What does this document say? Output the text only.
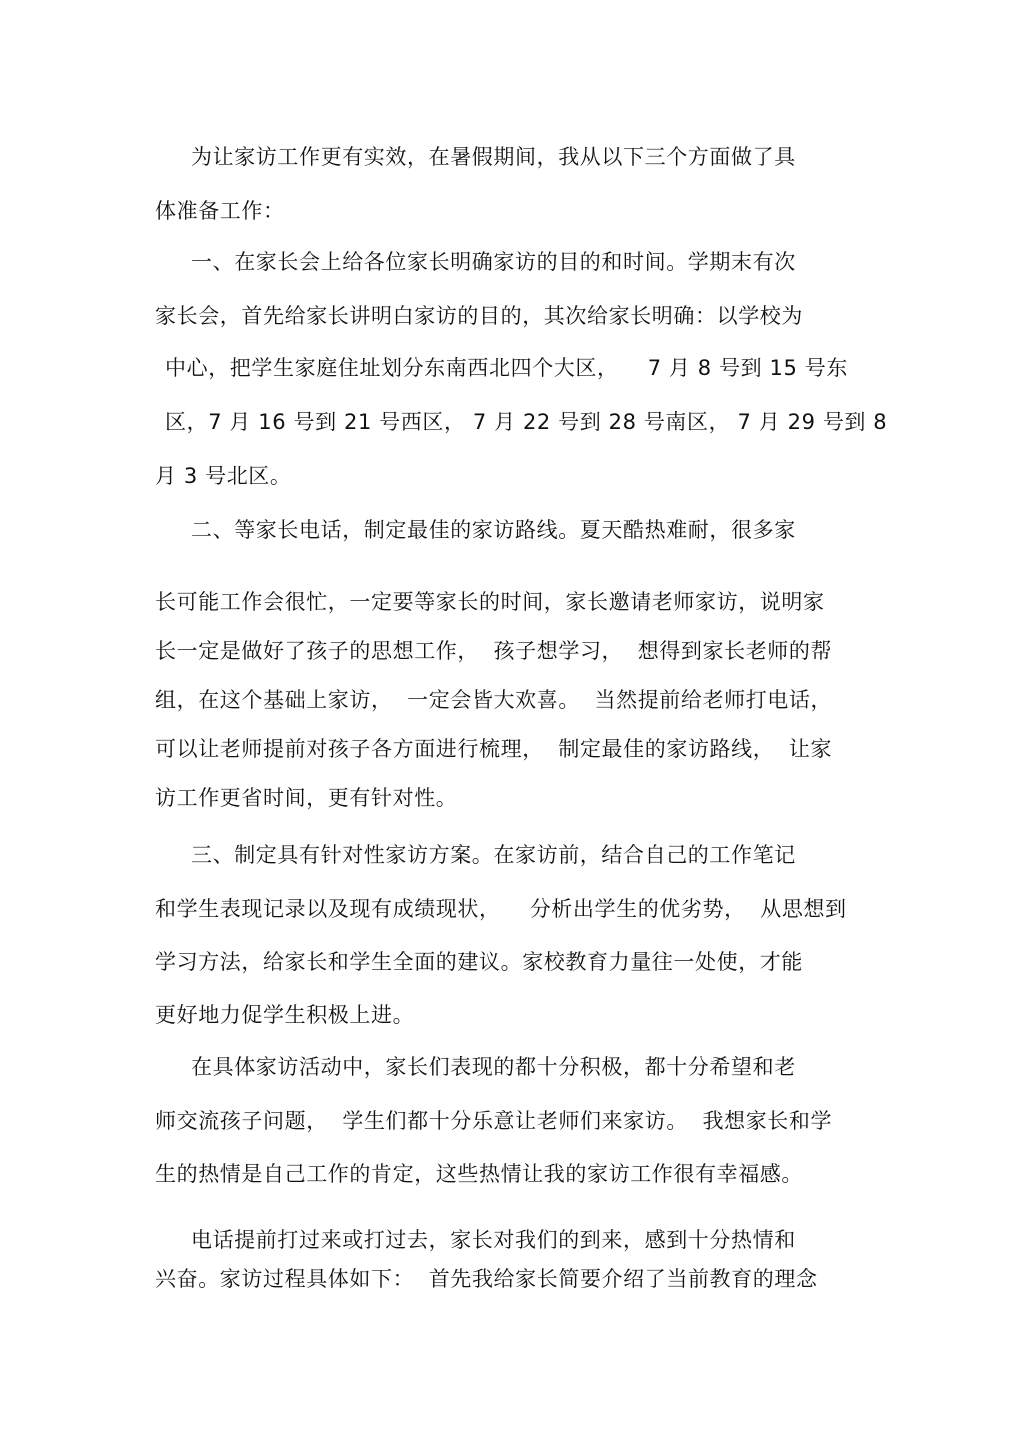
为让家访工作更有实效，在暑假期间，我从以下三个方面做了具
体准备工作：
一、在家长会上给各位家长明确家访的目的和时间。学期末有次
家长会，首先给家长讲明白家访的目的，其次给家长明确：以学校为
中心，把学生家庭住址划分东南西北四个大区，    7 月 8 号到 15 号东
区，7 月 16 号到 21 号西区， 7 月 22 号到 28 号南区， 7 月 29 号到 8
月 3 号北区。
二、等家长电话，制定最佳的家访路线。夏天酷热难耐，很多家
长可能工作会很忙，一定要等家长的时间，家长邀请老师家访，说明家
长一定是做好了孩子的思想工作，  孩子想学习，  想得到家长老师的帮
组，在这个基础上家访，  一定会皆大欢喜。  当然提前给老师打电话，
可以让老师提前对孩子各方面进行梳理，  制定最佳的家访路线，  让家
访工作更省时间，更有针对性。
三、制定具有针对性家访方案。在家访前，结合自己的工作笔记
和学生表现记录以及现有成绩现状，    分析出学生的优劣势，  从思想到
学习方法，给家长和学生全面的建议。家校教育力量往一处使，才能
更好地力促学生积极上进。
在具体家访活动中，家长们表现的都十分积极，都十分希望和老
师交流孩子问题，  学生们都十分乐意让老师们来家访。  我想家长和学
生的热情是自己工作的肯定，这些热情让我的家访工作很有幸福感。
电话提前打过来或打过去，家长对我们的到来，感到十分热情和
兴奋。家访过程具体如下：  首先我给家长简要介绍了当前教育的理念
